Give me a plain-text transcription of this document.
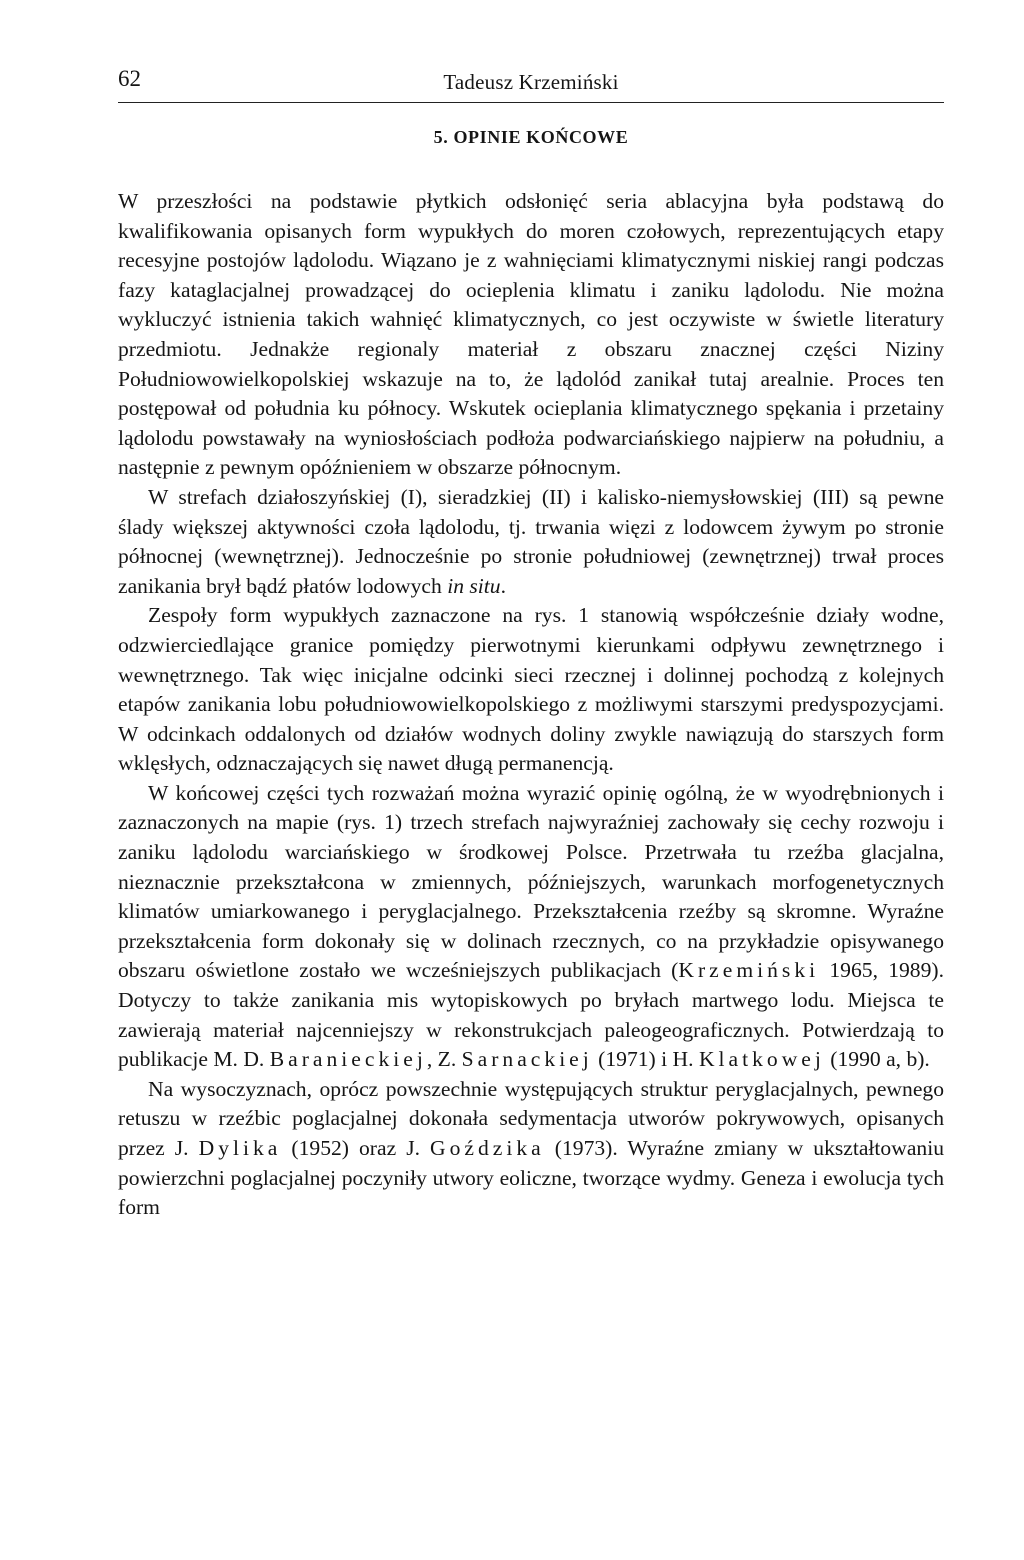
62	Tadeusz Krzemiński
5. OPINIE KOŃCOWE

W przeszłości na podstawie płytkich odsłonięć seria ablacyjna była podstawą do kwalifikowania opisanych form wypukłych do moren czołowych, reprezentujących etapy recesyjne postojów lądolodu. Wiązano je z wahnięciami klimatycznymi niskiej rangi podczas fazy kataglacjalnej prowadzącej do ocieplenia klimatu i zaniku lądolodu. Nie można wykluczyć istnienia takich wahnięć klimatycznych, co jest oczywiste w świetle literatury przedmiotu. Jednakże regionaly materiał z obszaru znacznej części Niziny Południowowielkopolskiej wskazuje na to, że lądolód zanikał tutaj arealnie. Proces ten postępował od południa ku północy. Wskutek ocieplania klimatycznego spękania i przetainy lądolodu powstawały na wyniosłościach podłoża podwarciańskiego najpierw na południu, a następnie z pewnym opóźnieniem w obszarze północnym.

W strefach działoszyńskiej (I), sieradzkiej (II) i kalisko-niemysłowskiej (III) są pewne ślady większej aktywności czoła lądolodu, tj. trwania więzi z lodowcem żywym po stronie północnej (wewnętrznej). Jednocześnie po stronie południowej (zewnętrznej) trwał proces zanikania brył bądź płatów lodowych in situ.

Zespoły form wypukłych zaznaczone na rys. 1 stanowią współcześnie działy wodne, odzwierciedlające granice pomiędzy pierwotnymi kierunkami odpływu zewnętrznego i wewnętrznego. Tak więc inicjalne odcinki sieci rzecznej i dolinnej pochodzą z kolejnych etapów zanikania lobu południowowielkopolskiego z możliwymi starszymi predyspozycjami. W odcinkach oddalonych od działów wodnych doliny zwykle nawiązują do starszych form wklęsłych, odznaczających się nawet długą permanencją.

W końcowej części tych rozważań można wyrazić opinię ogólną, że w wyodrębnionych i zaznaczonych na mapie (rys. 1) trzech strefach najwyraźniej zachowały się cechy rozwoju i zaniku lądolodu warciańskiego w środkowej Polsce. Przetrwała tu rzeźba glacjalna, nieznacznie przekształcona w zmiennych, późniejszych, warunkach morfogenetycznych klimatów umiarkowanego i peryglacjalnego. Przekształcenia rzeźby są skromne. Wyraźne przekształcenia form dokonały się w dolinach rzecznych, co na przykładzie opisywanego obszaru oświetlone zostało we wcześniejszych publikacjach (Krzemiński 1965, 1989). Dotyczy to także zanikania mis wytopiskowych po bryłach martwego lodu. Miejsca te zawierają materiał najcenniejszy w rekonstrukcjach paleogeograficznych. Potwierdzają to publikacje M. D. Baranieckiej, Z. Sarnackiej (1971) i H. Klatkowej (1990 a, b).

Na wysoczyznach, oprócz powszechnie występujących struktur peryglacjalnych, pewnego retuszu w rzeźbic poglacjalnej dokonała sedymentacja utworów pokrywowych, opisanych przez J. Dylika (1952) oraz J. Goździka (1973). Wyraźne zmiany w ukształtowaniu powierzchni poglacjalnej poczyniły utwory eoliczne, tworzące wydmy. Geneza i ewolucja tych form
